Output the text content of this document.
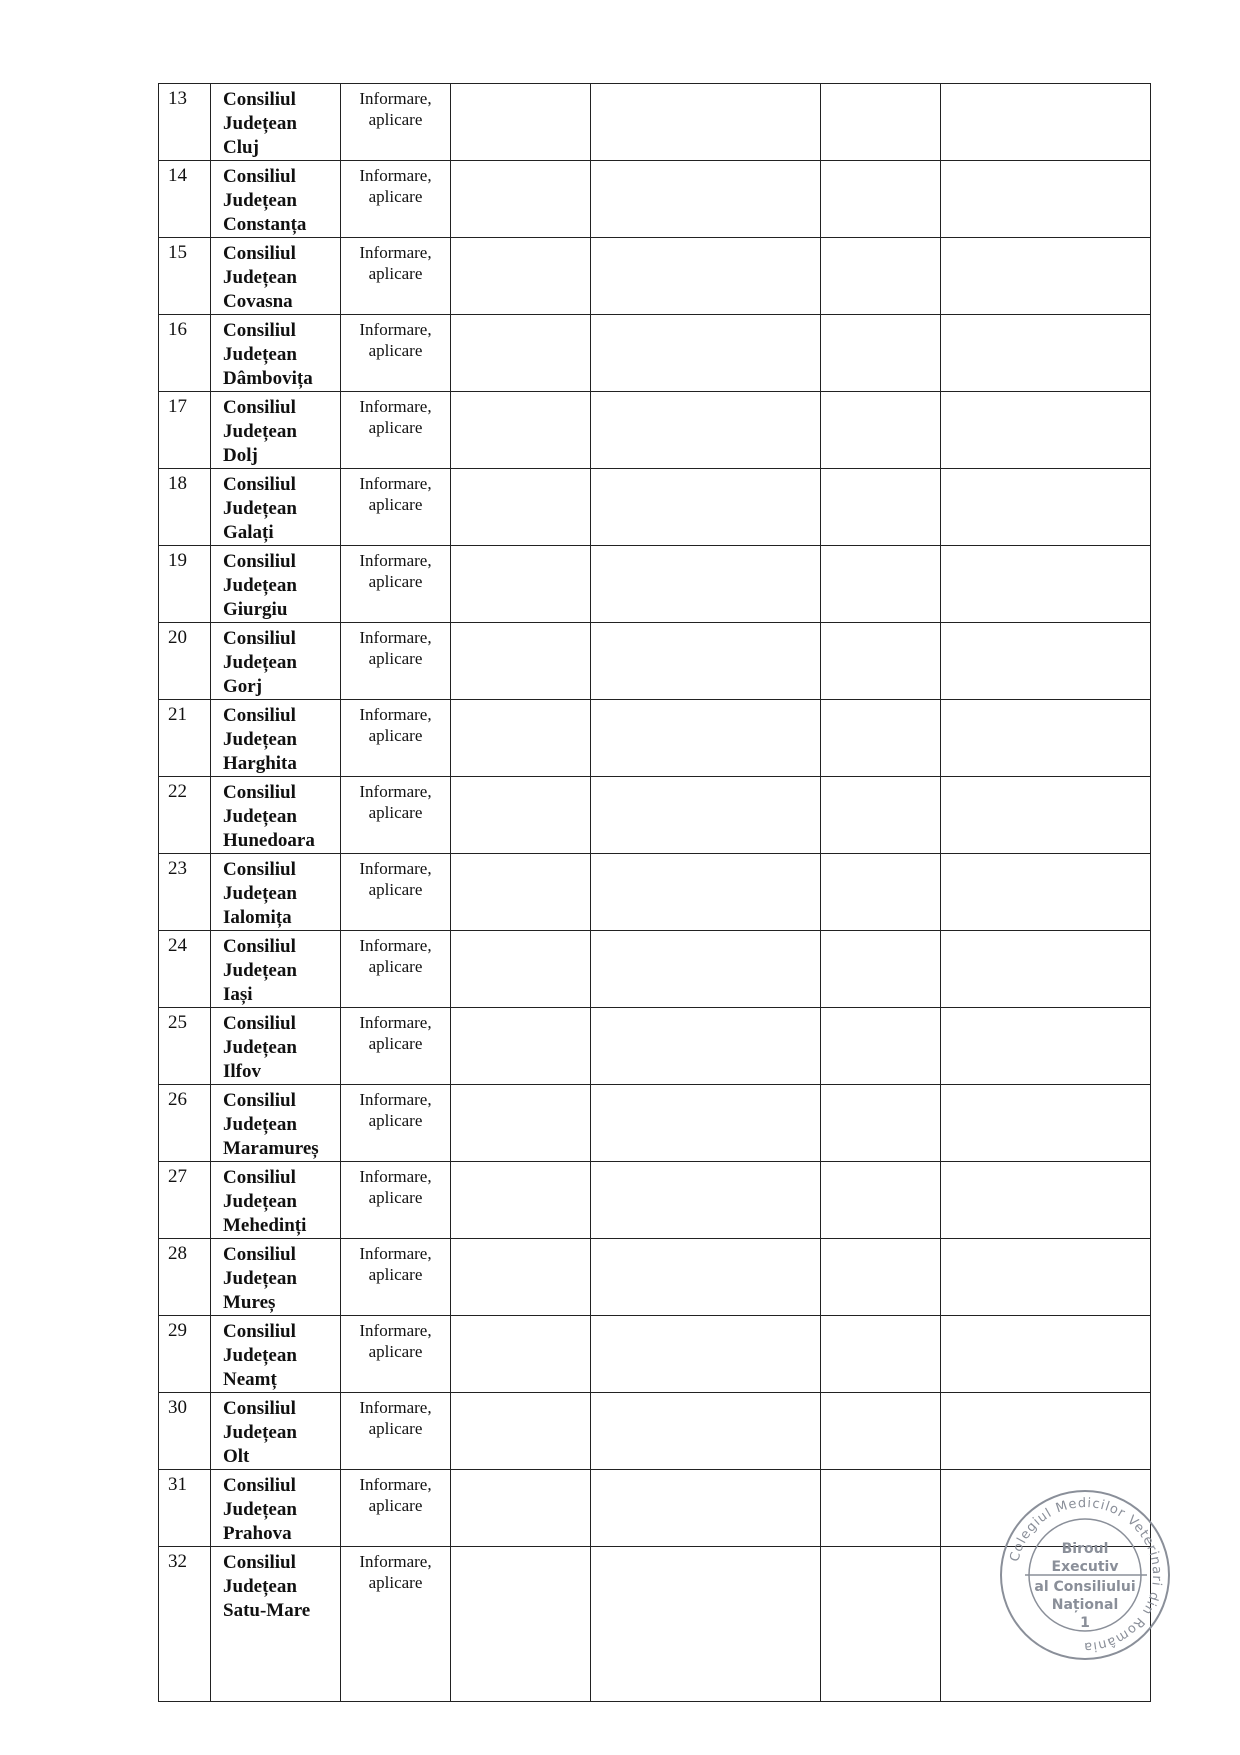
13	Consiliul
Județean
Cluj	Informare, aplicare				
14	Consiliul
Județean
Constanța	Informare, aplicare				
15	Consiliul
Județean
Covasna	Informare, aplicare				
16	Consiliul
Județean
Dâmbovița	Informare, aplicare				
17	Consiliul
Județean
Dolj	Informare, aplicare				
18	Consiliul
Județean
Galați	Informare, aplicare				
19	Consiliul
Județean
Giurgiu	Informare, aplicare				
20	Consiliul
Județean
Gorj	Informare, aplicare				
21	Consiliul
Județean
Harghita	Informare, aplicare				
22	Consiliul
Județean
Hunedoara	Informare, aplicare				
23	Consiliul
Județean
Ialomița	Informare, aplicare				
24	Consiliul
Județean
Iași	Informare, aplicare				
25	Consiliul
Județean
Ilfov	Informare, aplicare				
26	Consiliul
Județean
Maramureș	Informare, aplicare				
27	Consiliul
Județean
Mehedinți	Informare, aplicare				
28	Consiliul
Județean
Mureș	Informare, aplicare				
29	Consiliul
Județean
Neamț	Informare, aplicare				
30	Consiliul
Județean
Olt	Informare, aplicare				
31	Consiliul
Județean
Prahova	Informare, aplicare				
32	Consiliul
Județean
Satu-Mare	Informare, aplicare				
Colegiul Medicilor Veterinari din România
Biroul
Executiv
al Consiliului
Național
1
